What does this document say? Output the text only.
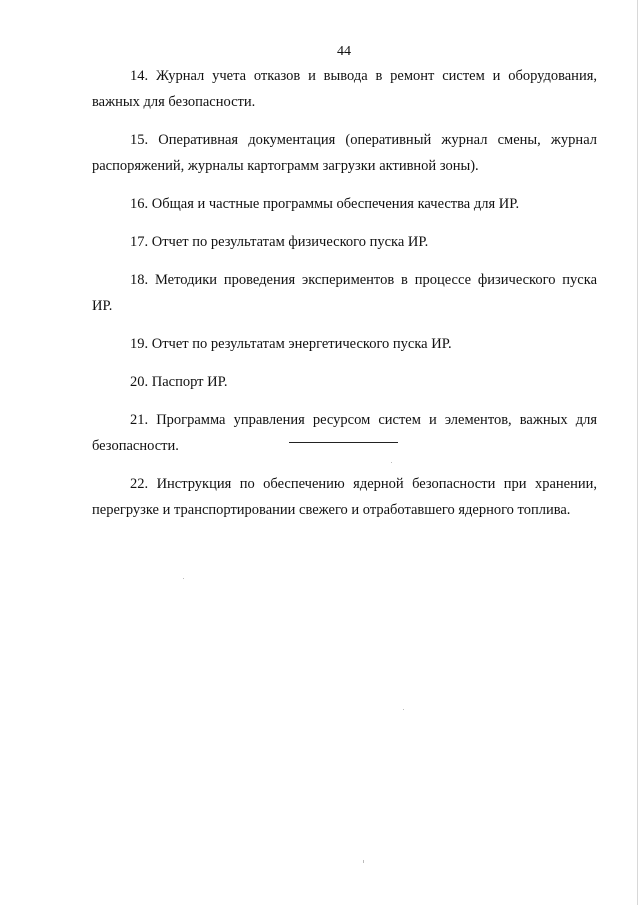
44

14. Журнал учета отказов и вывода в ремонт систем и оборудования, важных для безопасности.

15. Оперативная документация (оперативный журнал смены, журнал распоряжений, журналы картограмм загрузки активной зоны).

16. Общая и частные программы обеспечения качества для ИР.

17. Отчет по результатам физического пуска ИР.

18. Методики проведения экспериментов в процессе физического пуска ИР.

19. Отчет по результатам энергетического пуска ИР.

20. Паспорт ИР.

21. Программа управления ресурсом систем и элементов, важных для безопасности.

22. Инструкция по обеспечению ядерной безопасности при хранении, перегрузке и транспортировании свежего и отработавшего ядерного топлива.
